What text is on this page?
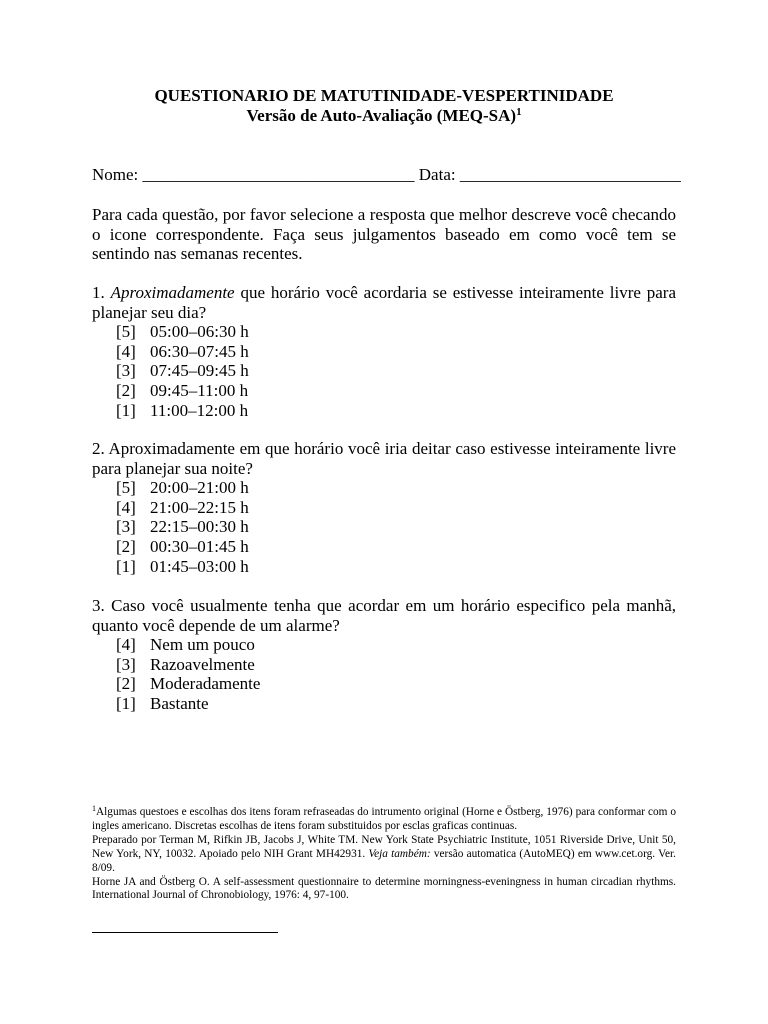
QUESTIONARIO DE MATUTINIDADE-VESPERTINIDADE

Versão de Auto-Avaliação $(MEQ-SA)^1$

Nome: ________________________________ Data: __________________________

Para cada questão, por favor selecione a resposta que melhor descreve você checando o icone correspondente. Faça seus julgamentos baseado em como você tem se sentindo nas semanas recentes.

1. Aproximadamente que horário você acordaria se estivesse inteiramente livre para planejar seu dia?

[5] 05:00–06:30 h
[4] 06:30–07:45 h
[3] 07:45–09:45 h
[2] 09:45–11:00 h
[1] 11:00–12:00 h

2. Aproximadamente em que horário você iria deitar caso estivesse inteiramente livre para planejar sua noite?

[5] 20:00–21:00 h
[4] 21:00–22:15 h
[3] 22:15–00:30 h
[2] 00:30–01:45 h
[1] 01:45–03:00 h

3. Caso você usualmente tenha que acordar em um horário especifico pela manhã, quanto você depende de um alarme?

[4] Nem um pouco
[3] Razoavelmente
[2] Moderadamente
[1] Bastante

$^1$Algumas questoes e escolhas dos itens foram refraseadas do intrumento original (Horne e Östberg, 1976) para conformar com o ingles americano. Discretas escolhas de itens foram substituidos por esclas graficas continuas.

Preparado por Terman M, Rifkin JB, Jacobs J, White TM. New York State Psychiatric Institute, 1051 Riverside Drive, Unit 50, New York, NY, 10032. Apoiado pelo NIH Grant MH42931. Veja também: versão automatica (AutoMEQ) em www.cet.org. Ver. 8/09.

Horne JA and Östberg O. A self-assessment questionnaire to determine morningness-eveningness in human circadian rhythms. International Journal of Chronobiology, 1976: 4, 97-100.
